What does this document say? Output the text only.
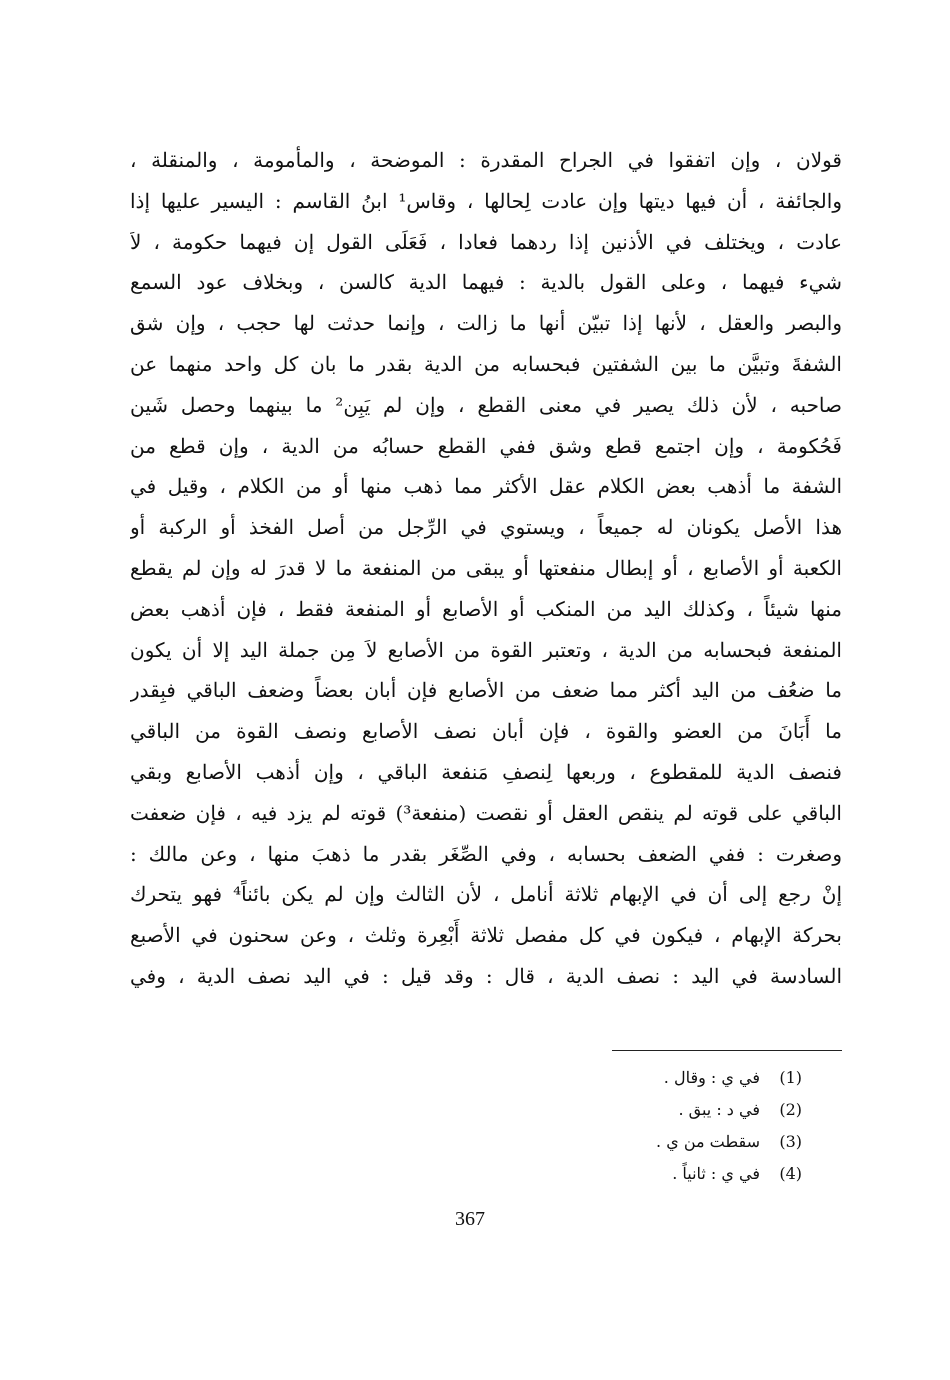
قولان ، وإن اتفقوا في الجراح المقدرة : الموضحة ، والمأمومة ، والمنقلة ،
والجائفة ، أن فيها ديتها وإن عادت لِحالها ، وقاس¹ ابنُ القاسم : اليسير عليها إذا
عادت ، ويختلف في الأذنين إذا ردهما فعادا ، فَعَلَى القول إن فيهما حكومة ، لاَ
شيء فيهما ، وعلى القول بالدية : فيهما الدية كالسن ، وبخلاف عود السمع
والبصر والعقل ، لأنها إذا تبيّن أنها ما زالت ، وإنما حدثت لها حجب ، وإن شق
الشفةَ وتبيَّن ما بين الشفتين فبحسابه من الدية بقدر ما بان كل واحد منهما عن
صاحبه ، لأن ذلك يصير في معنى القطع ، وإن لم يَبِن² ما بينهما وحصل شَين
فَحُكومة ، وإن اجتمع قطع وشق ففي القطع حسابُه من الدية ، وإن قطع من
الشفة ما أذهب بعض الكلام عقل الأكثر مما ذهب منها أو من الكلام ، وقيل في
هذا الأصل يكونان له جميعاً ، ويستوي في الرِّجل من أصل الفخذ أو الركبة أو
الكعبة أو الأصابع ، أو إبطال منفعتها أو يبقى من المنفعة ما لا قدرَ له وإن لم يقطع
منها شيئاً ، وكذلك اليد من المنكب أو الأصابع أو المنفعة فقط ، فإن أذهب بعض
المنفعة فبحسابه من الدية ، وتعتبر القوة من الأصابع لاَ مِن جملة اليد إلا أن يكون
ما ضعُف من اليد أكثر مما ضعف من الأصابع فإن أبان بعضاً وضعف الباقي فبِقدر
ما أَبَانَ من العضو والقوة ، فإن أبان نصف الأصابع ونصف القوة من الباقي
فنصف الدية للمقطوع ، وربعها لِنصفِ مَنفعة الباقي ، وإن أذهب الأصابع وبقي
الباقي على قوته لم ينقص العقل أو نقصت (منفعة³) قوته لم يزد فيه ، فإن ضعفت
وصغرت : ففي الضعف بحسابه ، وفي الصِّغَر بقدر ما ذهبَ منها ، وعن مالك :
إنْ رجع إلى أن في الإبهام ثلاثة أنامل ، لأن الثالث وإن لم يكن بائناً⁴ فهو يتحرك
بحركة الإبهام ، فيكون في كل مفصل ثلاثة أَبْعِرة وثلث ، وعن سحنون في الأصبع
السادسة في اليد : نصف الدية ، قال : وقد قيل : في اليد نصف الدية ، وفي
(1)
في ي : وقال .
(2)
في د : يبق .
(3)
سقطت من ي .
(4)
في ي : ثانياً .
367
